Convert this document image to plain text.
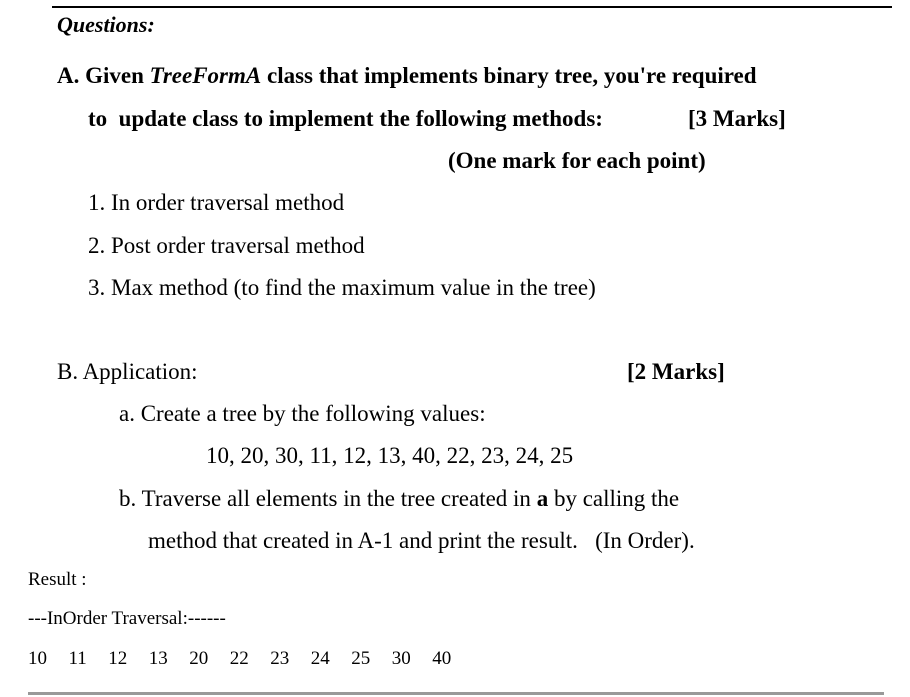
Questions:
A. Given TreeFormA class that implements binary tree, you're required
to  update class to implement the following methods:	[3 Marks]
(One mark for each point)
1. In order traversal method
2. Post order traversal method
3. Max method (to find the maximum value in the tree)
B. Application:	[2 Marks]
a. Create a tree by the following values:
10, 20, 30, 11, 12, 13, 40, 22, 23, 24, 25
b. Traverse all elements in the tree created in a by calling the
method that created in A-1 and print the result.   (In Order).
Result :
---InOrder Traversal:------
10  11  12  13  20  22  23  24  25  30  40
